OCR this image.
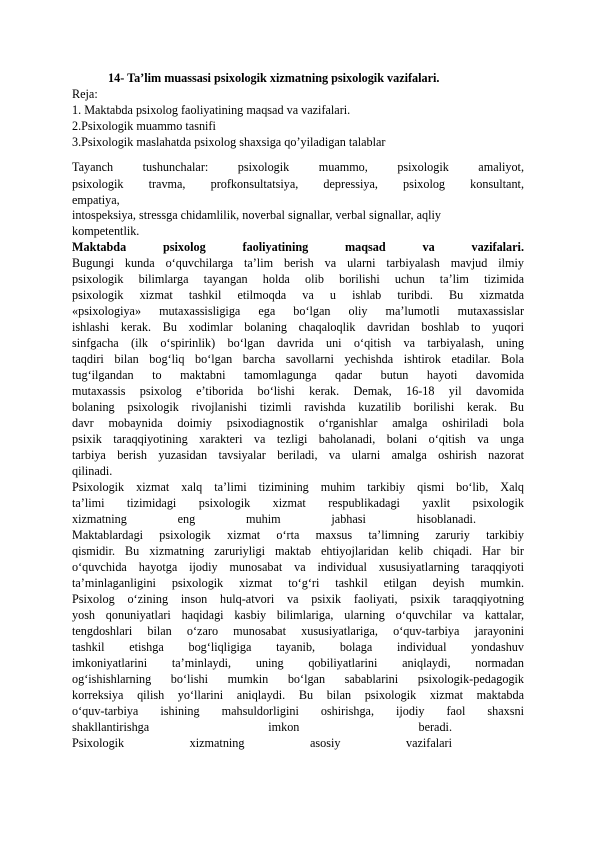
14- Ta’lim muassasi psixologik xizmatning psixologik vazifalari.
Reja:
1. Maktabda psixolog faoliyatining maqsad va vazifalari.
2.Psixologik muammo tasnifi
3.Psixologik maslahatda psixolog shaxsiga qo’yiladigan talablar
Tayanch tushunchalar: psixologik muammo, psixologik amaliyot,
psixologik travma, profkonsultatsiya, depressiya, psixolog konsultant,
empatiya,
intospeksiya, stressga chidamlilik, noverbal signallar, verbal signallar, aqliy
kompetentlik.
Maktabda psixolog faoliyatining maqsad va vazifalari.
Bugungi kunda o‘quvchilarga ta’lim berish va ularni tarbiyalash mavjud ilmiy
psixologik bilimlarga tayangan holda olib borilishi uchun ta’lim tizimida
psixologik xizmat tashkil etilmoqda va u ishlab turibdi. Bu xizmatda
«psixologiya» mutaxassisligiga ega bo‘lgan oliy ma’lumotli mutaxassislar
ishlashi kerak. Bu xodimlar bolaning chaqaloqlik davridan boshlab to yuqori
sinfgacha (ilk o‘spirinlik) bo‘lgan davrida uni o‘qitish va tarbiyalash, uning
taqdiri bilan bog‘liq bo‘lgan barcha savollarni yechishda ishtirok etadilar. Bola
tug‘ilgandan to maktabni tamomlagunga qadar butun hayoti davomida
mutaxassis psixolog e’tiborida bo‘lishi kerak. Demak, 16-18 yil davomida
bolaning psixologik rivojlanishi tizimli ravishda kuzatilib borilishi kerak. Bu
davr mobaynida doimiy psixodiagnostik o‘rganishlar amalga oshiriladi bola
psixik taraqqiyotining xarakteri va tezligi baholanadi, bolani o‘qitish va unga
tarbiya berish yuzasidan tavsiyalar beriladi, va ularni amalga oshirish nazorat
qilinadi.
Psixologik xizmat xalq ta’limi tizimining muhim tarkibiy qismi bo‘lib, Xalq
ta’limi tizimidagi psixologik xizmat respublikadagi yaxlit psixologik
xizmatning eng muhim jabhasi hisoblanadi.
Maktablardagi psixologik xizmat o‘rta maxsus ta’limning zaruriy tarkibiy
qismidir. Bu xizmatning zaruriyligi maktab ehtiyojlaridan kelib chiqadi. Har bir
o‘quvchida hayotga ijodiy munosabat va individual xususiyatlarning taraqqiyoti
ta’minlaganligini psixologik xizmat to‘g‘ri tashkil etilgan deyish mumkin.
Psixolog o‘zining inson hulq-atvori va psixik faoliyati, psixik taraqqiyotning
yosh qonuniyatlari haqidagi kasbiy bilimlariga, ularning o‘quvchilar va kattalar,
tengdoshlari bilan o‘zaro munosabat xususiyatlariga, o‘quv-tarbiya jarayonini
tashkil etishga bog‘liqligiga tayanib, bolaga individual yondashuv
imkoniyatlarini ta’minlaydi, uning qobiliyatlarini aniqlaydi, normadan
og‘ishishlarning bo‘lishi mumkin bo‘lgan sabablarini psixologik-pedagogik
korreksiya qilish yo‘llarini aniqlaydi. Bu bilan psixologik xizmat maktabda
o‘quv-tarbiya ishining mahsuldorligini oshirishga, ijodiy faol shaxsni
shakllantirishga imkon beradi.
Psixologik xizmatning asosiy vazifalari
